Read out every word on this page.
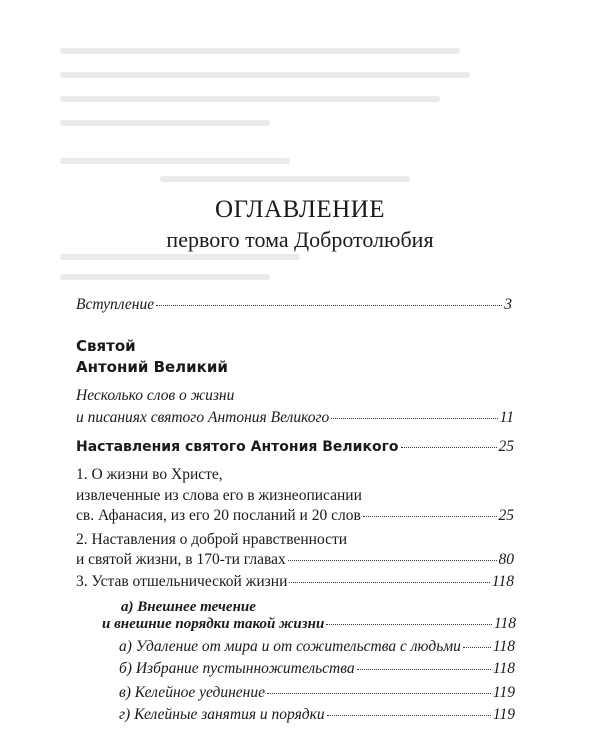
ОГЛАВЛЕНИЕ
первого тома Добротолюбия
Вступление	3
Святой
Антоний Великий
Несколько слов о жизни
и писаниях святого Антония Великого	11
Наставления святого Антония Великого	25
1. О жизни во Христе,
извлеченные из слова его в жизнеописании
св. Афанасия, из его 20 посланий и 20 слов	25
2. Наставления о доброй нравственности
и святой жизни, в 170-ти главах	80
3. Устав отшельнической жизни	118
а) Внешнее течение
и внешние порядки такой жизни	118
а) Удаление от мира и от сожительства с людьми 118
б) Избрание пустынножительства	118
в) Келейное уединение	119
г) Келейные занятия и порядки	119
